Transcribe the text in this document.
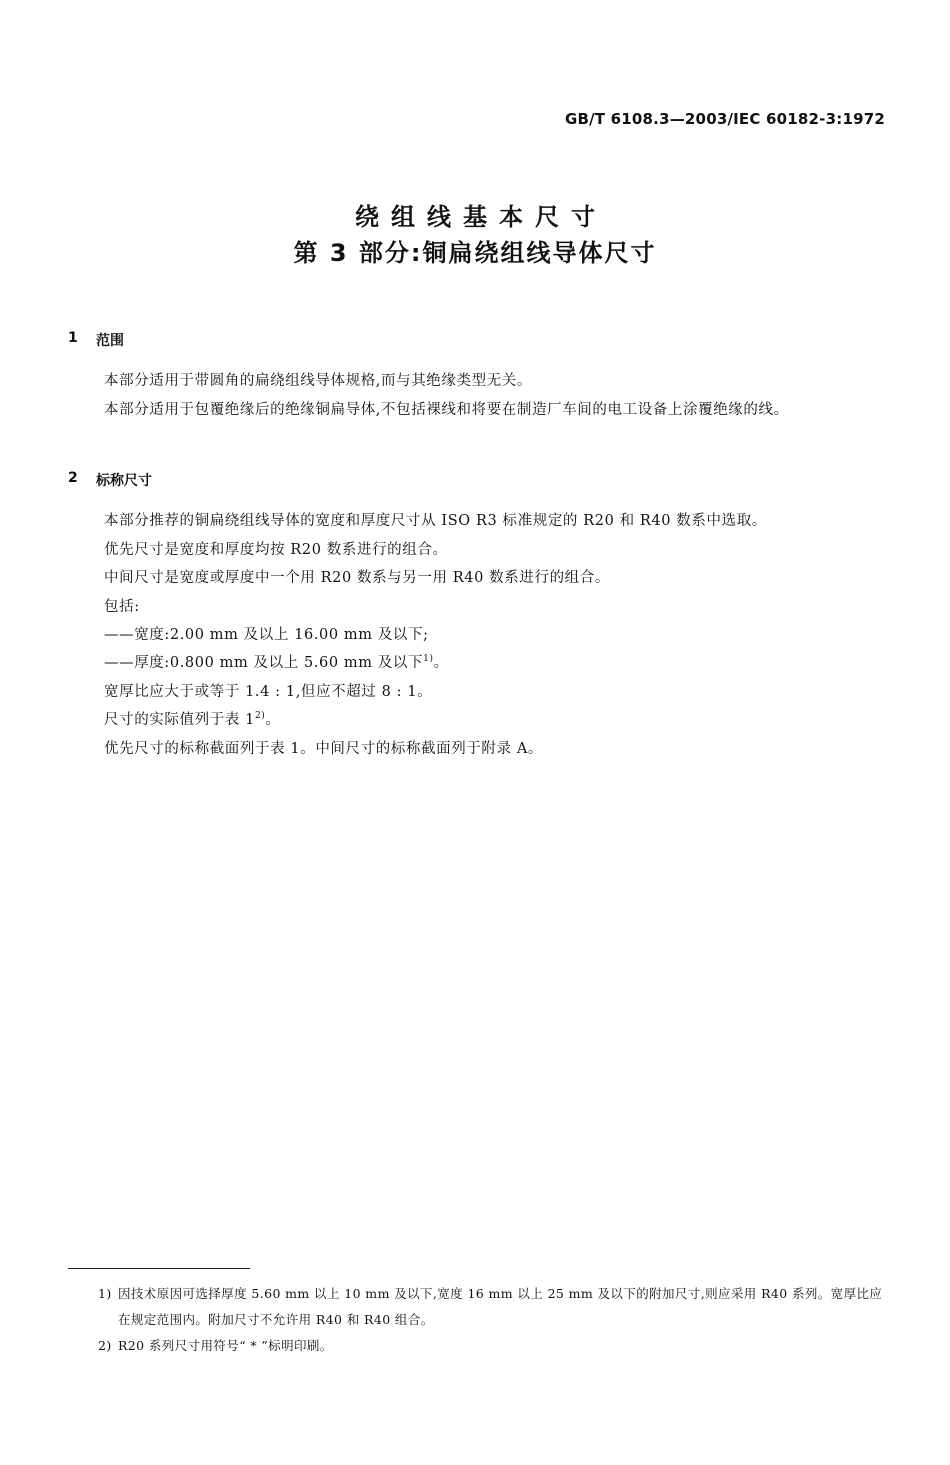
GB/T 6108.3—2003/IEC 60182-3:1972
绕组线基本尺寸
第 3 部分:铜扁绕组线导体尺寸
1	范围
本部分适用于带圆角的扁绕组线导体规格,而与其绝缘类型无关。
本部分适用于包覆绝缘后的绝缘铜扁导体,不包括裸线和将要在制造厂车间的电工设备上涂覆绝缘的线。
2	标称尺寸
本部分推荐的铜扁绕组线导体的宽度和厚度尺寸从 ISO R3 标准规定的 R20 和 R40 数系中选取。
优先尺寸是宽度和厚度均按 R20 数系进行的组合。
中间尺寸是宽度或厚度中一个用 R20 数系与另一用 R40 数系进行的组合。
包括:
——宽度:2.00 mm 及以上 16.00 mm 及以下;
——厚度:0.800 mm 及以上 5.60 mm 及以下$^{1)}$。
宽厚比应大于或等于 1.4 : 1,但应不超过 8 : 1。
尺寸的实际值列于表 1$^{2)}$。
优先尺寸的标称截面列于表 1。中间尺寸的标称截面列于附录 A。
1) 因技术原因可选择厚度 5.60 mm 以上 10 mm 及以下,宽度 16 mm 以上 25 mm 及以下的附加尺寸,则应采用 R40 系列。宽厚比应在规定范围内。附加尺寸不允许用 R40 和 R40 组合。
2) R20 系列尺寸用符号“ * ”标明印刷。
